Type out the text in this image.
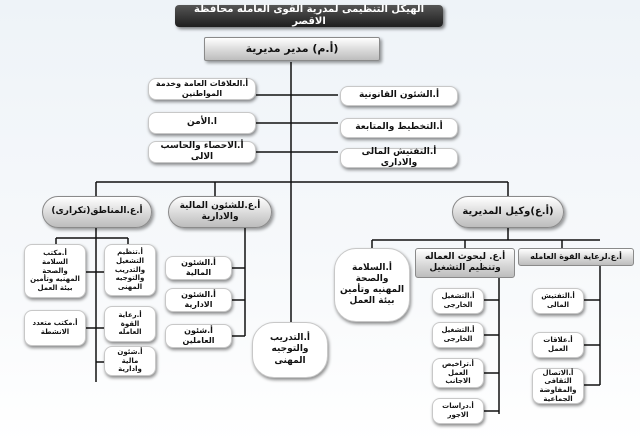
الهيكل التنظيمى لمدرية القوى العامله محافظة الاقصر
(أ.م) مدير مديرية
أ.الشئون القانونية
أ.التخطيط والمتابعة
أ.التفتيش المالى والادارى
أ.العلاقات العامة وخدمة المواطنين
ا.الأمن
أ.الاحصاء والحاسب الالى
(أ.ع)وكيل المديرية
أ.ع.للشئون المالية والادارية
أ.ع.المناطق(تكرارى)
أ.السلامة والصحة المهنيه وتأمين بيئة العمل
أ.ع. لبحوث العماله وتنظيم التشغيل
أ.التشغيل الخارجى
أ.التشغيل الخارجى
أ.تراخيص العمل الاجانب
أ.دراسات الاجور
أ.ع.لرعاية القوة العامله
أ.التفتيش المالى
أ.علاقات العمل
أ.الاتصال الثقافى والمفاوضة الجماعية
أ.الشئون المالية
أ.الشئون الادارية
أ.شئون العاملين	أ.التدريب والتوجيه المهنى
أ.مكتب السلامة والصحة المهنيه وتأمين بيئة العمل
أ.مكتب متعدد الانشطة
أ.تنظيم التشغيل والتدريب والتوجيه المهنى
أ.رعاية القوة العامله
أ.شئون مالية وادارية
